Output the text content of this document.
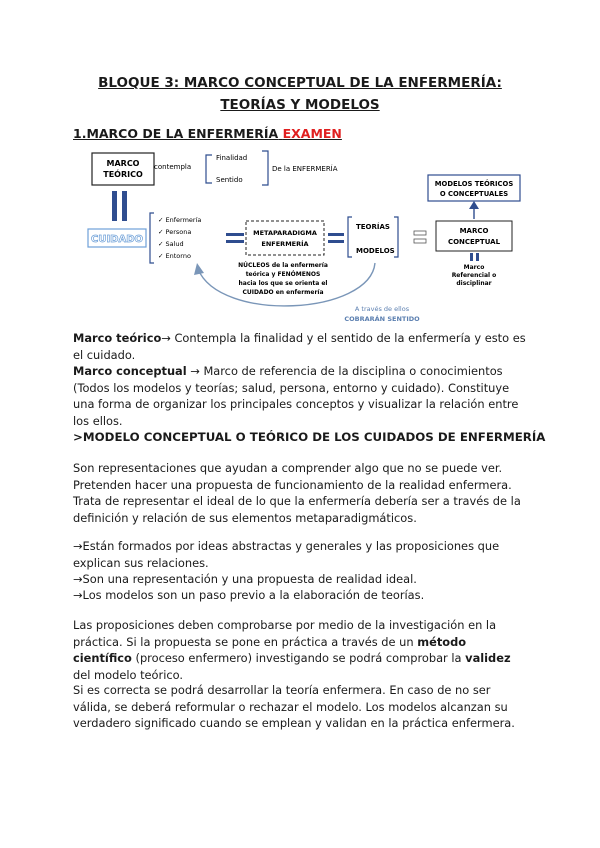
BLOQUE 3: MARCO CONCEPTUAL DE LA ENFERMERÍA: TEORÍAS Y MODELOS
1.MARCO DE LA ENFERMERÍA EXAMEN
MARCO
TEÓRICO
contempla
Finalidad
Sentido
De la ENFERMERÍA
CUIDADO
✓ Enfermería
✓ Persona
✓ Salud
✓ Entorno
METAPARADIGMA
ENFERMERÍA
NÚCLEOS de la enfermería
teórica y FENÓMENOS
hacia los que se orienta el
CUIDADO en enfermería
TEORÍAS
MODELOS
MODELOS TEÓRICOS
O CONCEPTUALES
MARCO
CONCEPTUAL
Marco
Referencial o
disciplinar
A través de ellos
COBRARÁN SENTIDO

Marco teórico→ Contempla la finalidad y el sentido de la enfermería y esto es el cuidado.

Marco conceptual → Marco de referencia de la disciplina o conocimientos (Todos los modelos y teorías; salud, persona, entorno y cuidado). Constituye una forma de organizar los principales conceptos y visualizar la relación entre los ellos.

>MODELO CONCEPTUAL O TEÓRICO DE LOS CUIDADOS DE ENFERMERÍA

Son representaciones que ayudan a comprender algo que no se puede ver. Pretenden hacer una propuesta de funcionamiento de la realidad enfermera. Trata de representar el ideal de lo que la enfermería debería ser a través de la definición y relación de sus elementos metaparadigmáticos.

→Están formados por ideas abstractas y generales y las proposiciones que explican sus relaciones.

→Son una representación y una propuesta de realidad ideal.

→Los modelos son un paso previo a la elaboración de teorías.

Las proposiciones deben comprobarse por medio de la investigación en la práctica. Si la propuesta se pone en práctica a través de un método científico (proceso enfermero) investigando se podrá comprobar la validez del modelo teórico.

Si es correcta se podrá desarrollar la teoría enfermera. En caso de no ser válida, se deberá reformular o rechazar el modelo. Los modelos alcanzan su verdadero significado cuando se emplean y validan en la práctica enfermera.
